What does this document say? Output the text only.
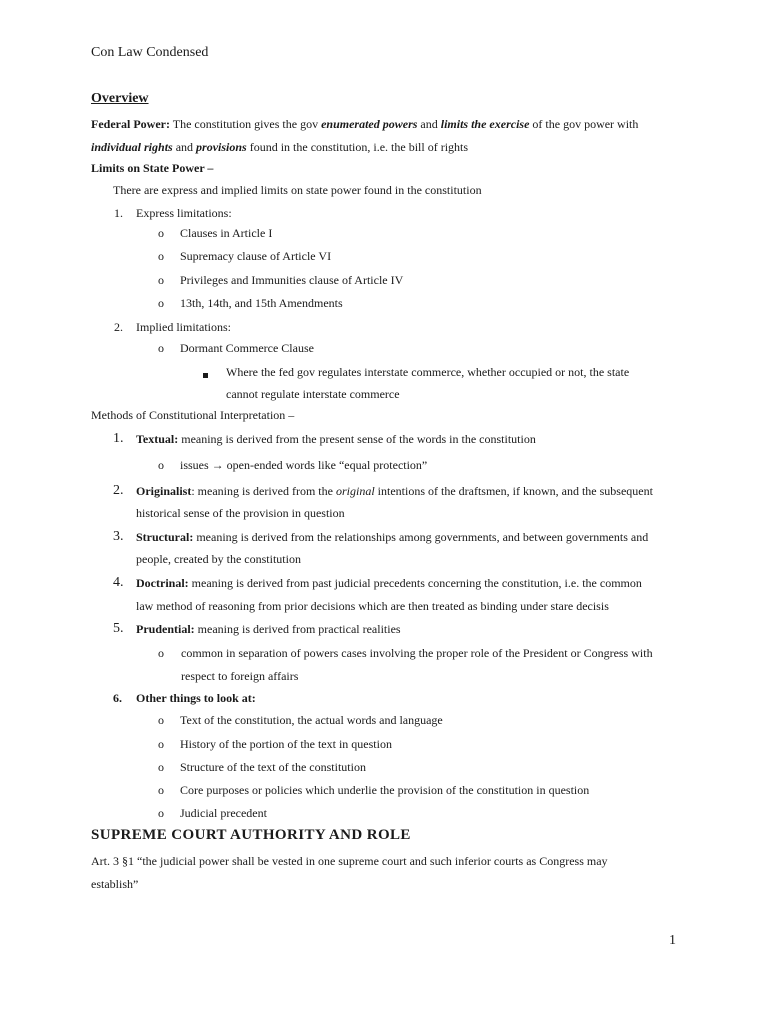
Con Law Condensed
Overview
Federal Power: The constitution gives the gov enumerated powers and limits the exercise of the gov power with
individual rights and provisions found in the constitution, i.e. the bill of rights
Limits on State Power –
There are express and implied limits on state power found in the constitution
1. Express limitations:
o Clauses in Article I
o Supremacy clause of Article VI
o Privileges and Immunities clause of Article IV
o 13th, 14th, and 15th Amendments
2. Implied limitations:
o Dormant Commerce Clause
Where the fed gov regulates interstate commerce, whether occupied or not, the state
cannot regulate interstate commerce
Methods of Constitutional Interpretation –
1. Textual: meaning is derived from the present sense of the words in the constitution
o issues → open-ended words like “equal protection”
2. Originalist: meaning is derived from the original intentions of the draftsmen, if known, and the subsequent
historical sense of the provision in question
3. Structural: meaning is derived from the relationships among governments, and between governments and
people, created by the constitution
4. Doctrinal: meaning is derived from past judicial precedents concerning the constitution, i.e. the common
law method of reasoning from prior decisions which are then treated as binding under stare decisis
5. Prudential: meaning is derived from practical realities
o common in separation of powers cases involving the proper role of the President or Congress with
respect to foreign affairs
6. Other things to look at:
o Text of the constitution, the actual words and language
o History of the portion of the text in question
o Structure of the text of the constitution
o Core purposes or policies which underlie the provision of the constitution in question
o Judicial precedent
SUPREME COURT AUTHORITY AND ROLE
Art. 3 §1 “the judicial power shall be vested in one supreme court and such inferior courts as Congress may
establish”
1
